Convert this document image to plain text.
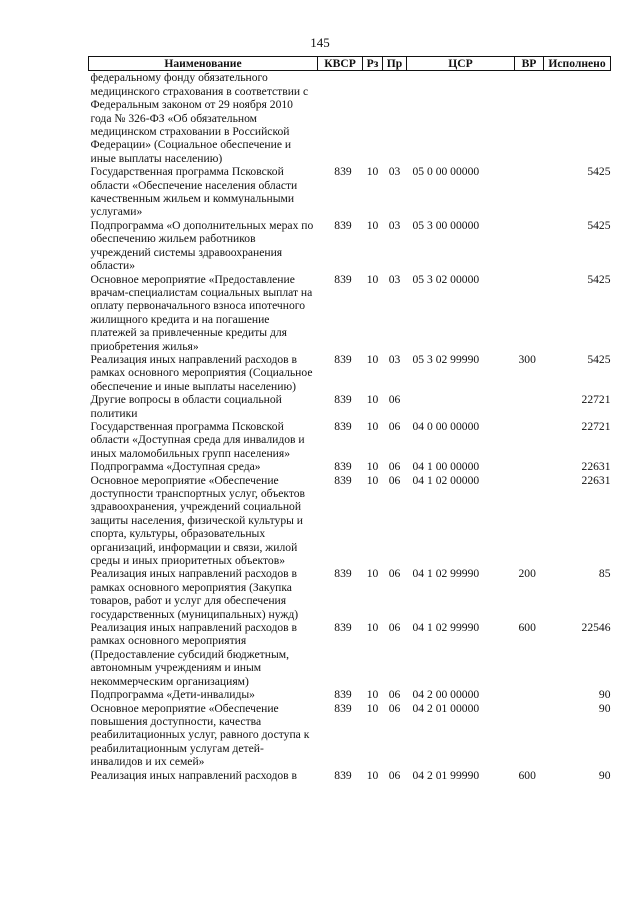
145
Наименование	КВСР	Рз	Пр	ЦСР	ВР	Исполнено
федеральному фонду обязательного медицинского страхования в соответствии с Федеральным законом от 29 ноября 2010 года № 326-ФЗ «Об обязательном медицинском страховании в Российской Федерации» (Социальное обеспечение и иные выплаты населению)						
Государственная программа Псковской области «Обеспечение населения области качественным жильем и коммунальными услугами»	839	10	03	05 0 00 00000		5425
Подпрограмма «О дополнительных мерах по обеспечению жильем работников учреждений системы здравоохранения области»	839	10	03	05 3 00 00000		5425
Основное мероприятие «Предоставление врачам-специалистам социальных выплат на оплату первоначального взноса ипотечного жилищного кредита и на погашение платежей за привлеченные кредиты для приобретения жилья»	839	10	03	05 3 02 00000		5425
Реализация иных направлений расходов в рамках основного мероприятия (Социальное обеспечение и иные выплаты населению)	839	10	03	05 3 02 99990	300	5425
Другие вопросы в области социальной политики	839	10	06			22721
Государственная программа Псковской области «Доступная среда для инвалидов и иных маломобильных групп населения»	839	10	06	04 0 00 00000		22721
Подпрограмма «Доступная среда»	839	10	06	04 1 00 00000		22631
Основное мероприятие «Обеспечение доступности транспортных услуг, объектов здравоохранения, учреждений социальной защиты населения, физической культуры и спорта, культуры, образовательных организаций, информации и связи, жилой среды и иных приоритетных объектов»	839	10	06	04 1 02 00000		22631
Реализация иных направлений расходов в рамках основного мероприятия (Закупка товаров, работ и услуг для обеспечения государственных (муниципальных) нужд)	839	10	06	04 1 02 99990	200	85
Реализация иных направлений расходов в рамках основного мероприятия (Предоставление субсидий бюджетным, автономным учреждениям и иным некоммерческим организациям)	839	10	06	04 1 02 99990	600	22546
Подпрограмма «Дети-инвалиды»	839	10	06	04 2 00 00000		90
Основное мероприятие «Обеспечение повышения доступности, качества реабилитационных услуг, равного доступа к реабилитационным услугам детей-инвалидов и их семей»	839	10	06	04 2 01 00000		90
Реализация иных направлений расходов в	839	10	06	04 2 01 99990	600	90
